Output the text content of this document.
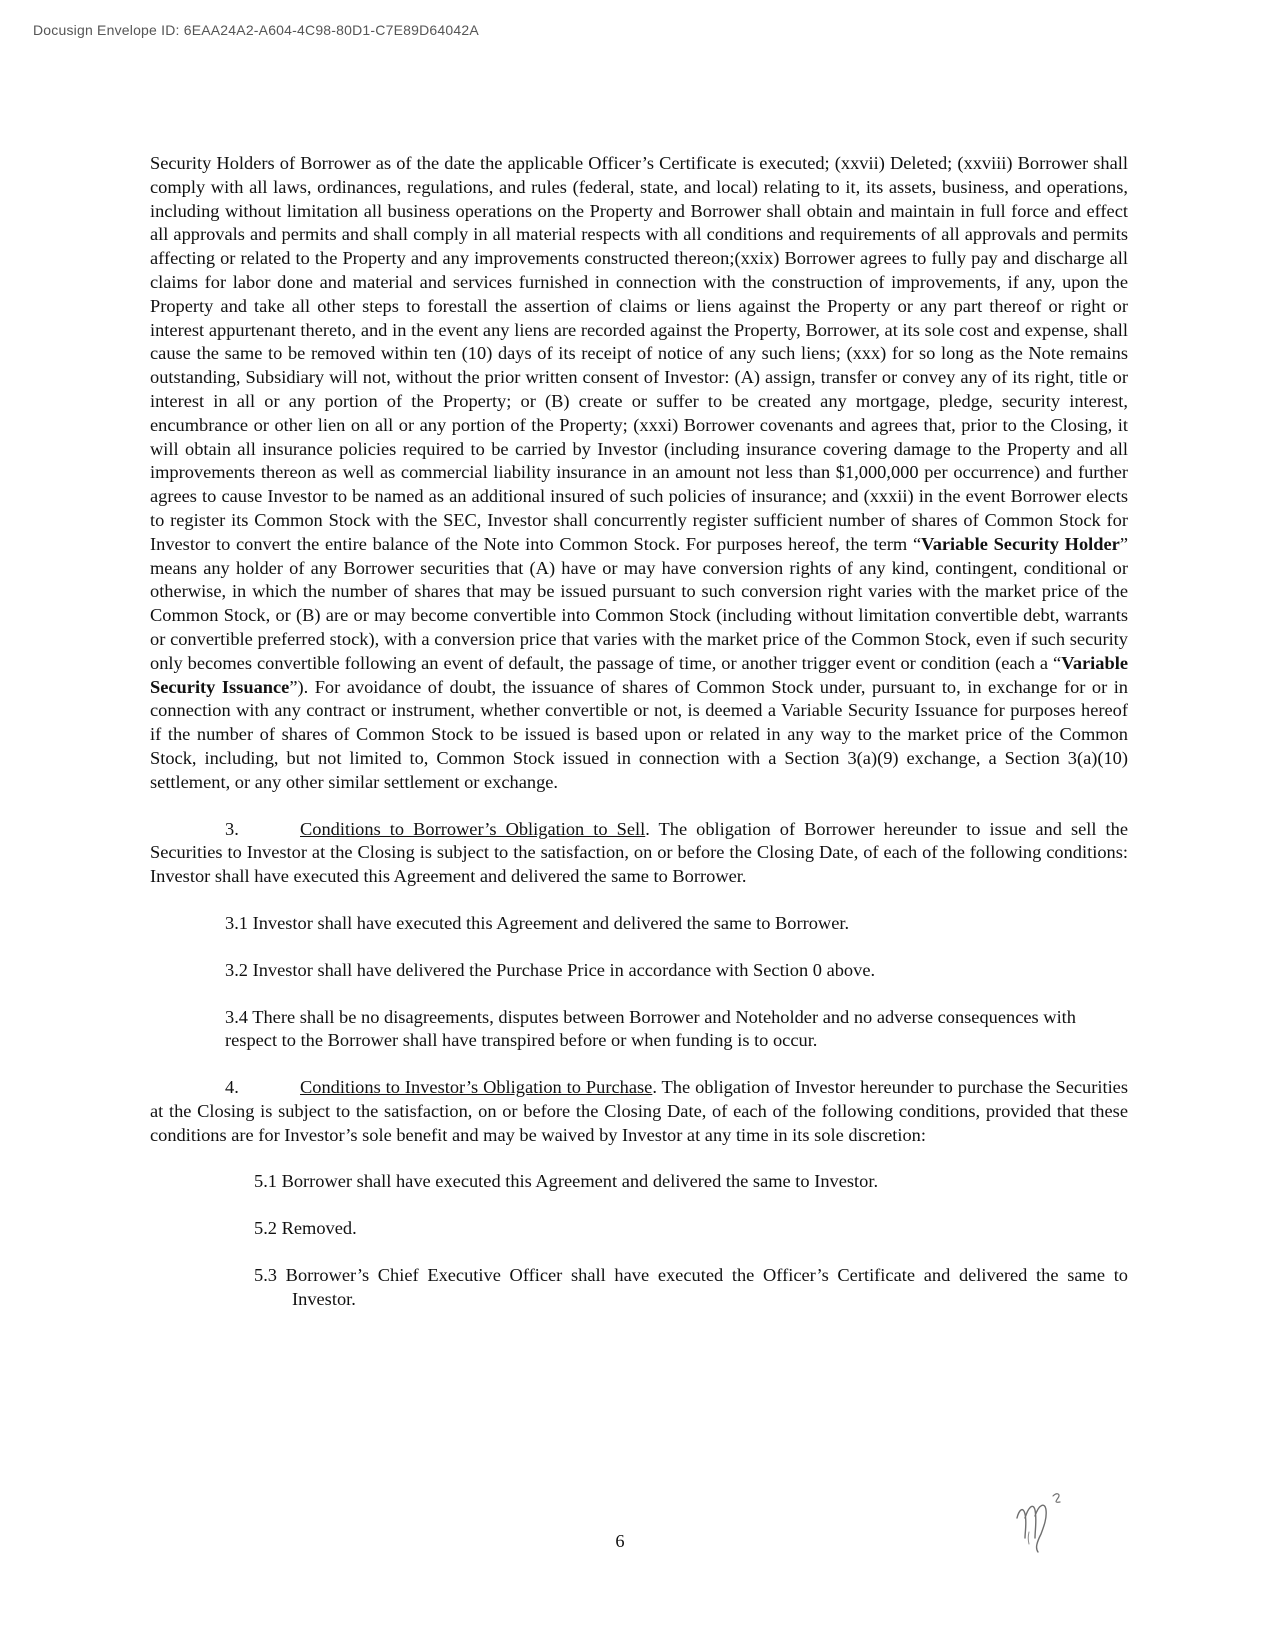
Docusign Envelope ID: 6EAA24A2-A604-4C98-80D1-C7E89D64042A

Security Holders of Borrower as of the date the applicable Officer’s Certificate is executed; (xxvii) Deleted; (xxviii) Borrower shall comply with all laws, ordinances, regulations, and rules (federal, state, and local) relating to it, its assets, business, and operations, including without limitation all business operations on the Property and Borrower shall obtain and maintain in full force and effect all approvals and permits and shall comply in all material respects with all conditions and requirements of all approvals and permits affecting or related to the Property and any improvements constructed thereon;(xxix) Borrower agrees to fully pay and discharge all claims for labor done and material and services furnished in connection with the construction of improvements, if any, upon the Property and take all other steps to forestall the assertion of claims or liens against the Property or any part thereof or right or interest appurtenant thereto, and in the event any liens are recorded against the Property, Borrower, at its sole cost and expense, shall cause the same to be removed within ten (10) days of its receipt of notice of any such liens; (xxx) for so long as the Note remains outstanding, Subsidiary will not, without the prior written consent of Investor: (A) assign, transfer or convey any of its right, title or interest in all or any portion of the Property; or (B) create or suffer to be created any mortgage, pledge, security interest, encumbrance or other lien on all or any portion of the Property; (xxxi) Borrower covenants and agrees that, prior to the Closing, it will obtain all insurance policies required to be carried by Investor (including insurance covering damage to the Property and all improvements thereon as well as commercial liability insurance in an amount not less than $1,000,000 per occurrence) and further agrees to cause Investor to be named as an additional insured of such policies of insurance; and (xxxii) in the event Borrower elects to register its Common Stock with the SEC, Investor shall concurrently register sufficient number of shares of Common Stock for Investor to convert the entire balance of the Note into Common Stock. For purposes hereof, the term “Variable Security Holder” means any holder of any Borrower securities that (A) have or may have conversion rights of any kind, contingent, conditional or otherwise, in which the number of shares that may be issued pursuant to such conversion right varies with the market price of the Common Stock, or (B) are or may become convertible into Common Stock (including without limitation convertible debt, warrants or convertible preferred stock), with a conversion price that varies with the market price of the Common Stock, even if such security only becomes convertible following an event of default, the passage of time, or another trigger event or condition (each a “Variable Security Issuance”). For avoidance of doubt, the issuance of shares of Common Stock under, pursuant to, in exchange for or in connection with any contract or instrument, whether convertible or not, is deemed a Variable Security Issuance for purposes hereof if the number of shares of Common Stock to be issued is based upon or related in any way to the market price of the Common Stock, including, but not limited to, Common Stock issued in connection with a Section 3(a)(9) exchange, a Section 3(a)(10) settlement, or any other similar settlement or exchange.

3.	Conditions to Borrower’s Obligation to Sell. The obligation of Borrower hereunder to issue and sell the Securities to Investor at the Closing is subject to the satisfaction, on or before the Closing Date, of each of the following conditions: Investor shall have executed this Agreement and delivered the same to Borrower.

3.1 Investor shall have executed this Agreement and delivered the same to Borrower.

3.2 Investor shall have delivered the Purchase Price in accordance with Section 0 above.

3.4 There shall be no disagreements, disputes between Borrower and Noteholder and no adverse consequences with respect to the Borrower shall have transpired before or when funding is to occur.

4.	Conditions to Investor’s Obligation to Purchase. The obligation of Investor hereunder to purchase the Securities at the Closing is subject to the satisfaction, on or before the Closing Date, of each of the following conditions, provided that these conditions are for Investor’s sole benefit and may be waived by Investor at any time in its sole discretion:

5.1 Borrower shall have executed this Agreement and delivered the same to Investor.

5.2 Removed.

5.3 Borrower’s Chief Executive Officer shall have executed the Officer’s Certificate and delivered the same to Investor.

6
